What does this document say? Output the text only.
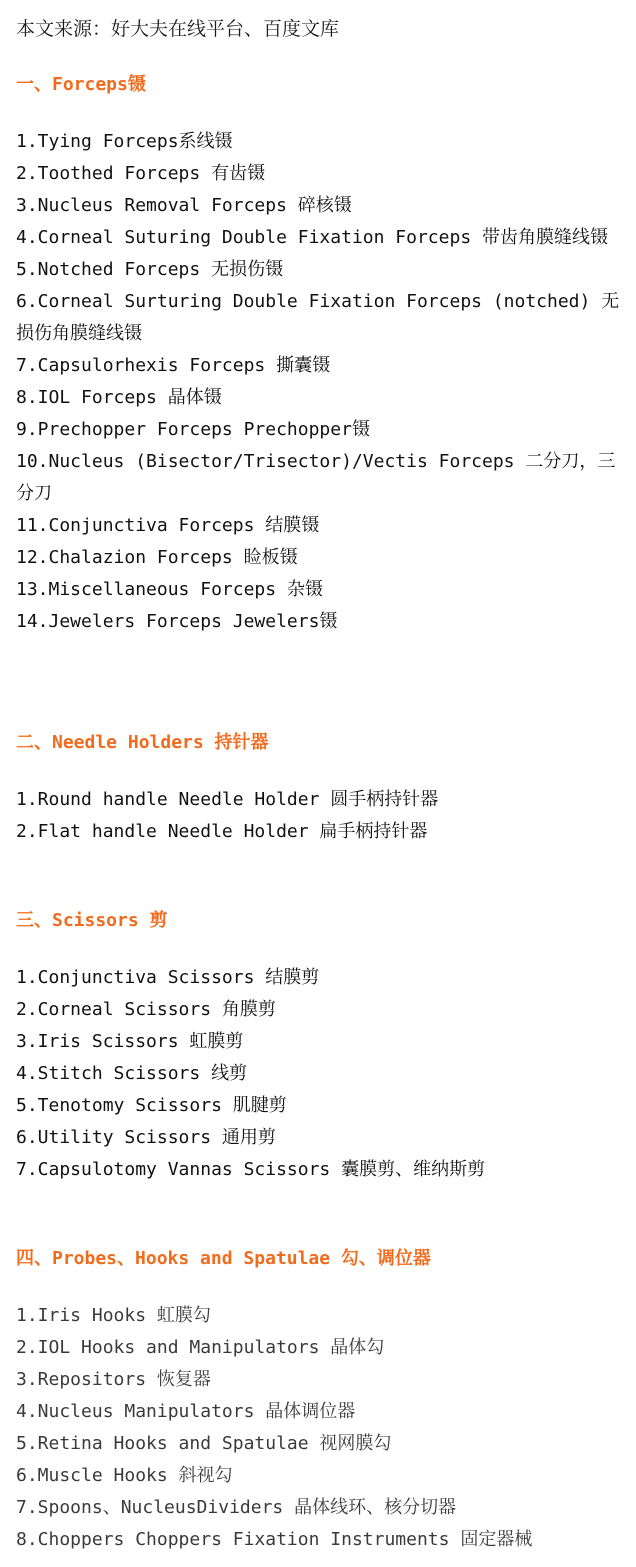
本文来源：好大夫在线平台、百度文库
一、Forceps镊
1.Tying Forceps系线镊
2.Toothed Forceps 有齿镊
3.Nucleus Removal Forceps 碎核镊
4.Corneal Suturing Double Fixation Forceps 带齿角膜缝线镊
5.Notched Forceps 无损伤镊
6.Corneal Surturing Double Fixation Forceps (notched) 无损伤角膜缝线镊
7.Capsulorhexis Forceps 撕囊镊
8.IOL Forceps 晶体镊
9.Prechopper Forceps Prechopper镊
10.Nucleus (Bisector/Trisector)/Vectis Forceps 二分刀，三分刀
11.Conjunctiva Forceps 结膜镊
12.Chalazion Forceps 睑板镊
13.Miscellaneous Forceps 杂镊
14.Jewelers Forceps Jewelers镊
二、Needle Holders 持针器
1.Round handle Needle Holder 圆手柄持针器
2.Flat handle Needle Holder 扁手柄持针器
三、Scissors 剪
1.Conjunctiva Scissors 结膜剪
2.Corneal Scissors 角膜剪
3.Iris Scissors 虹膜剪
4.Stitch Scissors 线剪
5.Tenotomy Scissors 肌腱剪
6.Utility Scissors 通用剪
7.Capsulotomy Vannas Scissors 囊膜剪、维纳斯剪
四、Probes、Hooks and Spatulae 勾、调位器
1.Iris Hooks 虹膜勾
2.IOL Hooks and Manipulators 晶体勾
3.Repositors 恢复器
4.Nucleus Manipulators 晶体调位器
5.Retina Hooks and Spatulae 视网膜勾
6.Muscle Hooks 斜视勾
7.Spoons、NucleusDividers 晶体线环、核分切器
8.Choppers Choppers Fixation Instruments 固定器械
